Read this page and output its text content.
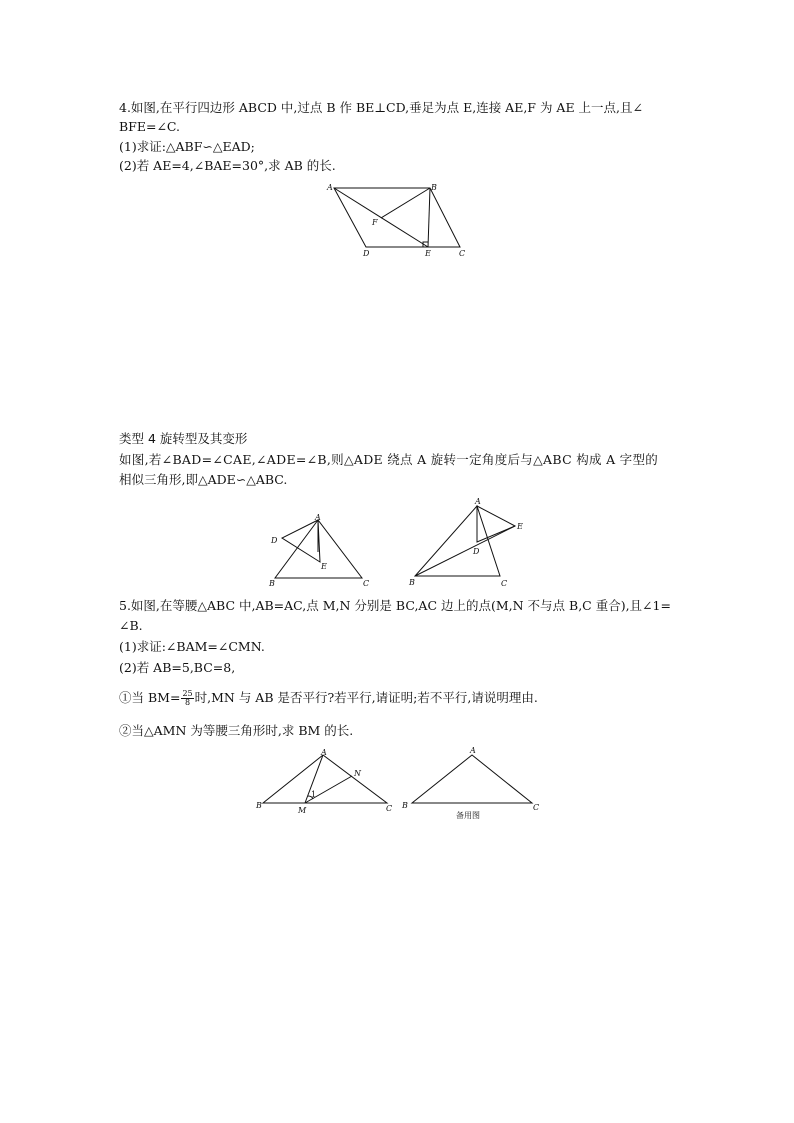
4.如图,在平行四边形 ABCD 中,过点 B 作 BE⊥CD,垂足为点 E,连接 AE,F 为 AE 上一点,且∠
BFE=∠C.
(1)求证:△ABF∽△EAD;
(2)若 AE=4,∠BAE=30°,求 AB 的长.
A	B
C
D	E
F
类型 4 旋转型及其变形
如图,若∠BAD=∠CAE,∠ADE=∠B,则△ADE 绕点 A 旋转一定角度后与△ABC 构成 A 字型的
相似三角形,即△ADE∽△ABC.
A
B	C
D
E
A
B	C
D
E
5.如图,在等腰△ABC 中,AB=AC,点 M,N 分别是 BC,AC 边上的点(M,N 不与点 B,C 重合),且∠1=
∠B.
(1)求证:∠BAM=∠CMN.
(2)若 AB=5,BC=8,
①当 $BM= \frac{25}{8}$ 时,MN 与 AB 是否平行?若平行,请证明;若不平行,请说明理由.
②当△AMN 为等腰三角形时,求 BM 的长.
A
B	C
M
N
1
A
B	C
备用图
